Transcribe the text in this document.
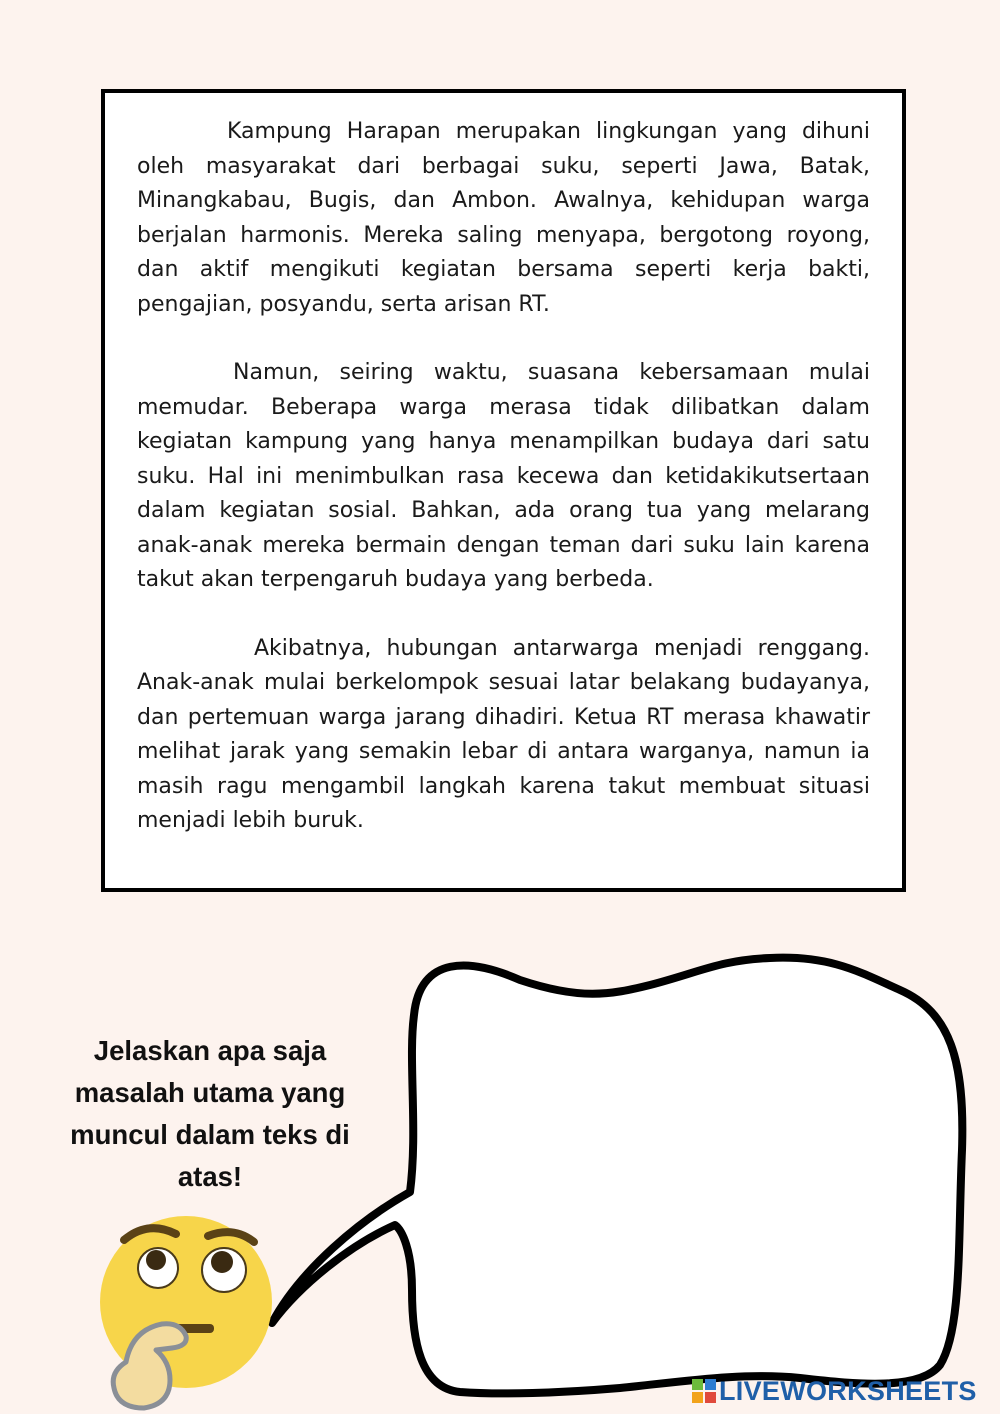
Kampung Harapan merupakan lingkungan yang dihuni oleh masyarakat dari berbagai suku, seperti Jawa, Batak, Minangkabau, Bugis, dan Ambon. Awalnya, kehidupan warga berjalan harmonis. Mereka saling menyapa, bergotong royong, dan aktif mengikuti kegiatan bersama seperti kerja bakti, pengajian, posyandu, serta arisan RT.

Namun, seiring waktu, suasana kebersamaan mulai memudar. Beberapa warga merasa tidak dilibatkan dalam kegiatan kampung yang hanya menampilkan budaya dari satu suku. Hal ini menimbulkan rasa kecewa dan ketidakikutsertaan dalam kegiatan sosial. Bahkan, ada orang tua yang melarang anak-anak mereka bermain dengan teman dari suku lain karena takut akan terpengaruh budaya yang berbeda.

Akibatnya, hubungan antarwarga menjadi renggang. Anak-anak mulai berkelompok sesuai latar belakang budayanya, dan pertemuan warga jarang dihadiri. Ketua RT merasa khawatir melihat jarak yang semakin lebar di antara warganya, namun ia masih ragu mengambil langkah karena takut membuat situasi menjadi lebih buruk.

Jelaskan apa saja masalah utama yang muncul dalam teks di atas!
LIVEWORKSHEETS
